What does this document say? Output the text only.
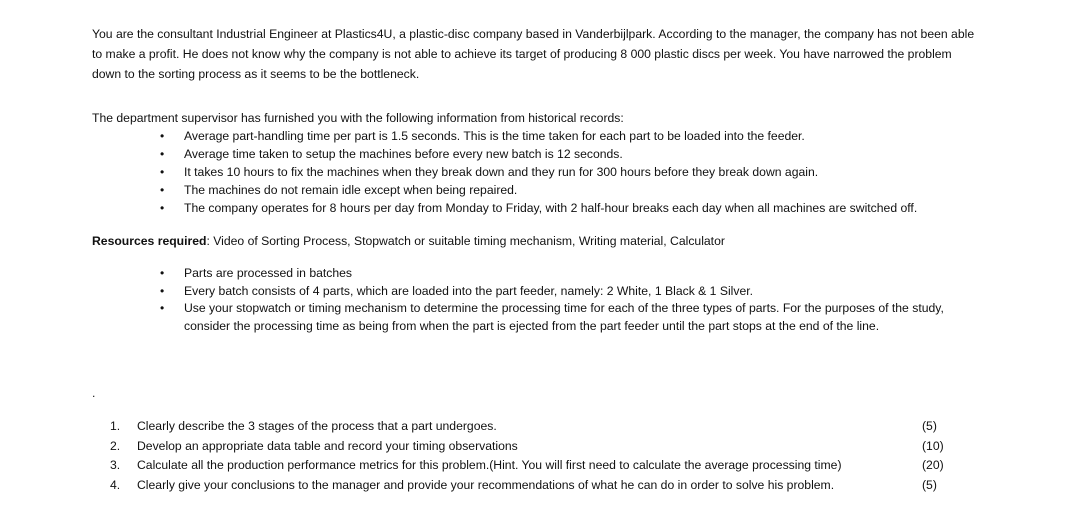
You are the consultant Industrial Engineer at Plastics4U, a plastic-disc company based in Vanderbijlpark. According to the manager, the company has not been able to make a profit. He does not know why the company is not able to achieve its target of producing 8 000 plastic discs per week. You have narrowed the problem down to the sorting process as it seems to be the bottleneck.

The department supervisor has furnished you with the following information from historical records:

• Average part-handling time per part is 1.5 seconds. This is the time taken for each part to be loaded into the feeder.
• Average time taken to setup the machines before every new batch is 12 seconds.
• It takes 10 hours to fix the machines when they break down and they run for 300 hours before they break down again.
• The machines do not remain idle except when being repaired.
• The company operates for 8 hours per day from Monday to Friday, with 2 half-hour breaks each day when all machines are switched off.

Resources required: Video of Sorting Process, Stopwatch or suitable timing mechanism, Writing material, Calculator

• Parts are processed in batches
• Every batch consists of 4 parts, which are loaded into the part feeder, namely: 2 White, 1 Black & 1 Silver.
• Use your stopwatch or timing mechanism to determine the processing time for each of the three types of parts. For the purposes of the study, consider the processing time as being from when the part is ejected from the part feeder until the part stops at the end of the line.
.
1. Clearly describe the 3 stages of the process that a part undergoes.	(5)
2. Develop an appropriate data table and record your timing observations	(10)
3. Calculate all the production performance metrics for this problem.(Hint. You will first need to calculate the average processing time)	(20)
4. Clearly give your conclusions to the manager and provide your recommendations of what he can do in order to solve his problem.	(5)
